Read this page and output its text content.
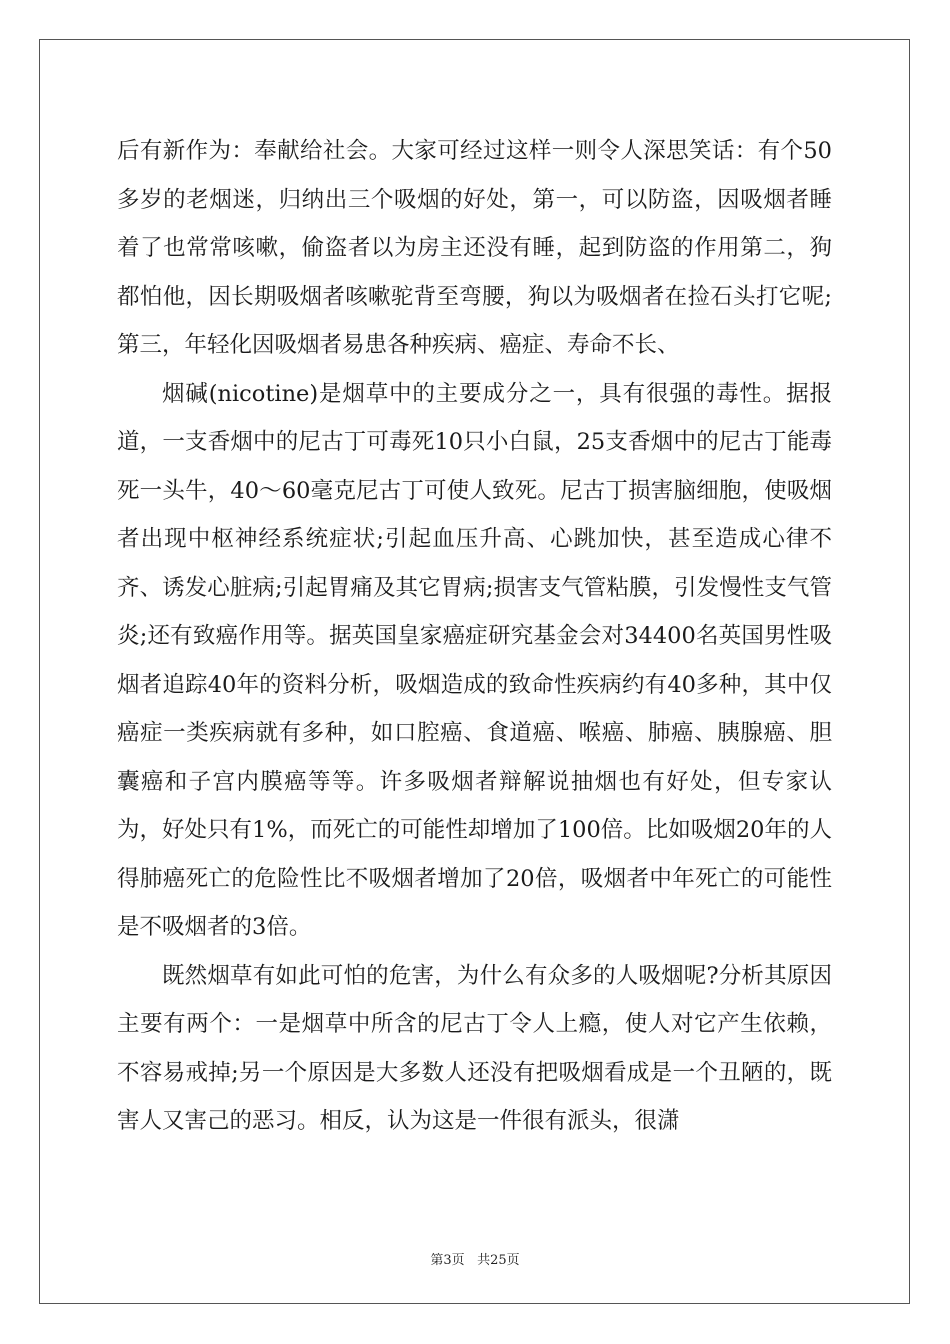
后有新作为：奉献给社会。大家可经过这样一则令人深思笑话：有个50多岁的老烟迷，归纳出三个吸烟的好处，第一，可以防盗，因吸烟者睡着了也常常咳嗽，偷盗者以为房主还没有睡，起到防盗的作用第二，狗都怕他，因长期吸烟者咳嗽驼背至弯腰，狗以为吸烟者在捡石头打它呢;第三，年轻化因吸烟者易患各种疾病、癌症、寿命不长、

烟碱(nicotine)是烟草中的主要成分之一，具有很强的毒性。据报道，一支香烟中的尼古丁可毒死10只小白鼠，25支香烟中的尼古丁能毒死一头牛，40～60毫克尼古丁可使人致死。尼古丁损害脑细胞，使吸烟者出现中枢神经系统症状;引起血压升高、心跳加快，甚至造成心律不齐、诱发心脏病;引起胃痛及其它胃病;损害支气管粘膜，引发慢性支气管炎;还有致癌作用等。据英国皇家癌症研究基金会对34400名英国男性吸烟者追踪40年的资料分析，吸烟造成的致命性疾病约有40多种，其中仅癌症一类疾病就有多种，如口腔癌、食道癌、喉癌、肺癌、胰腺癌、胆囊癌和子宫内膜癌等等。许多吸烟者辩解说抽烟也有好处，但专家认为，好处只有1%，而死亡的可能性却增加了100倍。比如吸烟20年的人得肺癌死亡的危险性比不吸烟者增加了20倍，吸烟者中年死亡的可能性是不吸烟者的3倍。

既然烟草有如此可怕的危害，为什么有众多的人吸烟呢?分析其原因主要有两个：一是烟草中所含的尼古丁令人上瘾，使人对它产生依赖，不容易戒掉;另一个原因是大多数人还没有把吸烟看成是一个丑陋的，既害人又害己的恶习。相反，认为这是一件很有派头，很潇

第3页 共25页
